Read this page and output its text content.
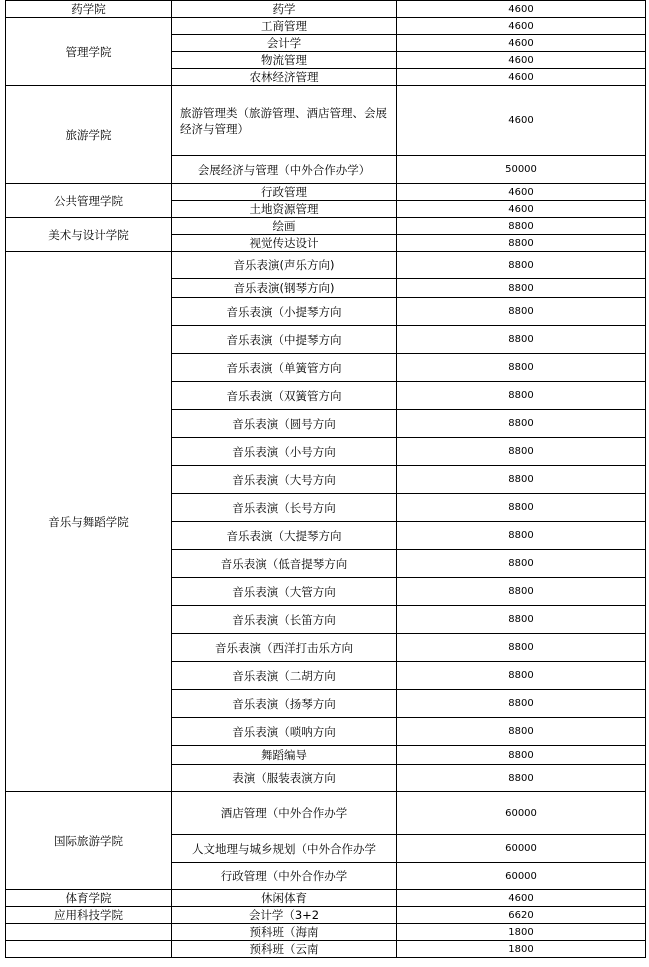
药学院	药学	4600
管理学院	工商管理	4600
	会计学	4600
	物流管理	4600
	农林经济管理	4600
旅游学院	旅游管理类（旅游管理、酒店管理、会展经济与管理）	4600
	会展经济与管理（中外合作办学）	50000
公共管理学院	行政管理	4600
	土地资源管理	4600
美术与设计学院	绘画	8800
	视觉传达设计	8800
音乐与舞蹈学院	音乐表演(声乐方向)	8800
	音乐表演(钢琴方向)	8800
	音乐表演（小提琴方向	8800
	音乐表演（中提琴方向	8800
	音乐表演（单簧管方向	8800
	音乐表演（双簧管方向	8800
	音乐表演（圆号方向	8800
	音乐表演（小号方向	8800
	音乐表演（大号方向	8800
	音乐表演（长号方向	8800
	音乐表演（大提琴方向	8800
	音乐表演（低音提琴方向	8800
	音乐表演（大管方向	8800
	音乐表演（长笛方向	8800
	音乐表演（西洋打击乐方向	8800
	音乐表演（二胡方向	8800
	音乐表演（扬琴方向	8800
	音乐表演（唢呐方向	8800
	舞蹈编导	8800
	表演（服装表演方向	8800
国际旅游学院	酒店管理（中外合作办学	60000
	人文地理与城乡规划（中外合作办学	60000
	行政管理（中外合作办学	60000
体育学院	休闲体育	4600
应用科技学院	会计学（3+2	6620
	预科班（海南	1800
	预科班（云南	1800
